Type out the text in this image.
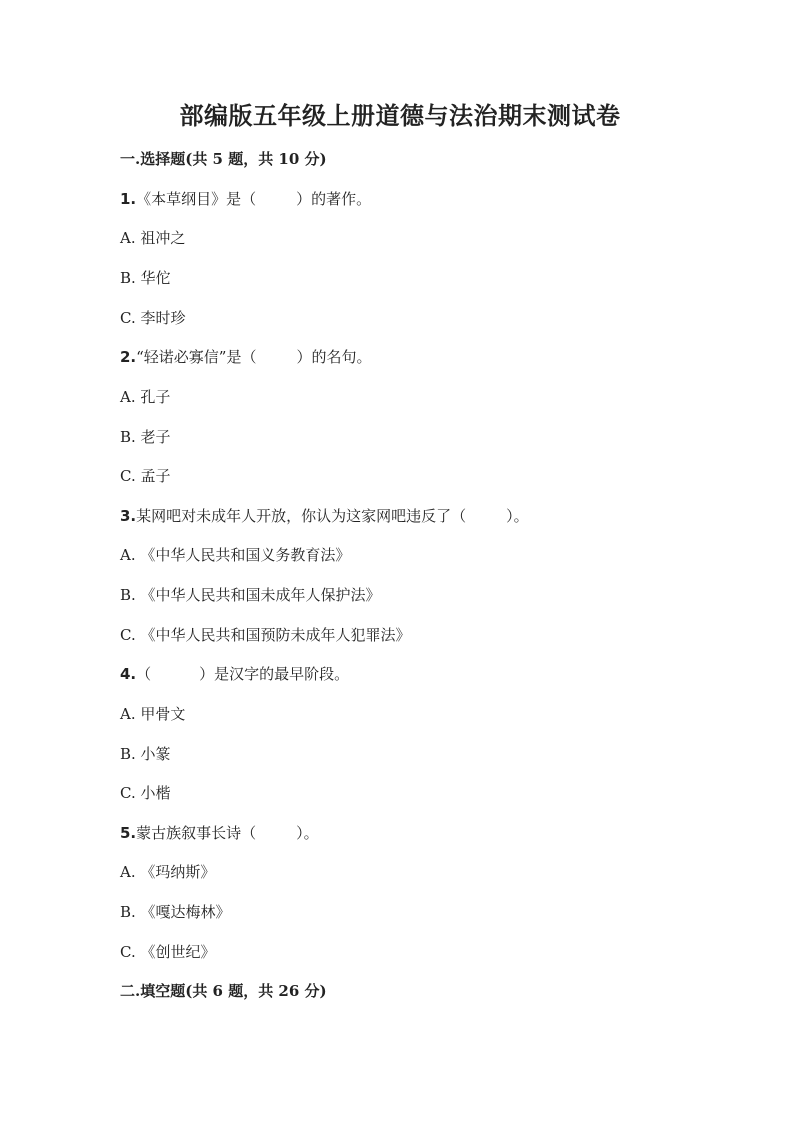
部编版五年级上册道德与法治期末测试卷
一.选择题(共 5 题，共 10 分)
1.《本草纲目》是（	）的著作。
A. 祖冲之
B. 华佗
C. 李时珍
2.“轻诺必寡信”是（	）的名句。
A. 孔子
B. 老子
C. 孟子
3.某网吧对未成年人开放，你认为这家网吧违反了（	）。
A. 《中华人民共和国义务教育法》
B. 《中华人民共和国未成年人保护法》
C. 《中华人民共和国预防未成年人犯罪法》
4.（	）是汉字的最早阶段。
A. 甲骨文
B. 小篆
C. 小楷
5.蒙古族叙事长诗（	）。
A. 《玛纳斯》
B. 《嘎达梅林》
C. 《创世纪》
二.填空题(共 6 题，共 26 分)
